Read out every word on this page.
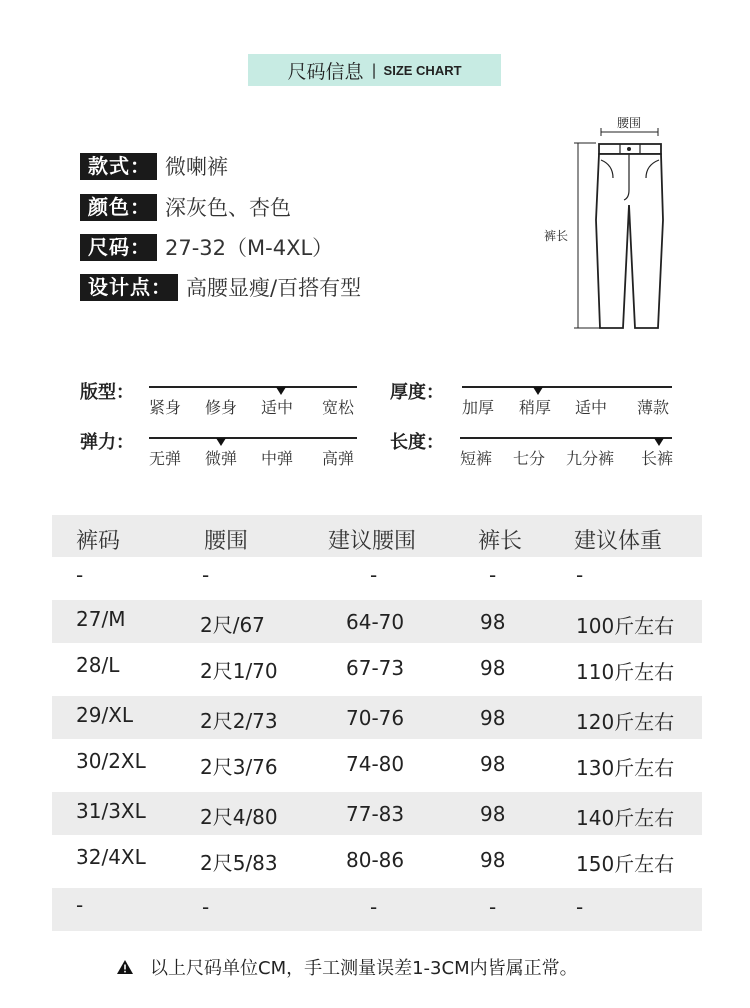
尺码信息 | SIZE CHART
款式： 微喇裤
颜色： 深灰色、杏色
尺码： 27-32（M-4XL）
设计点： 高腰显瘦/百搭有型
腰围
裤长
版型：
紧身 修身 适中 宽松
厚度：
加厚 稍厚 适中 薄款
弹力：
无弹 微弹 中弹 高弹
长度：
短裤 七分 九分裤 长裤
裤码	腰围	建议腰围	裤长 建议体重
-	-	-	-	-
27/M	2尺/67	64-70	98	100斤左右
28/L	2尺1/70	67-73	98	110斤左右
29/XL	2尺2/73	70-76	98	120斤左右
30/2XL	2尺3/76	74-80	98	130斤左右
31/3XL	2尺4/80	77-83	98	140斤左右
32/4XL	2尺5/83	80-86	98	150斤左右
-	-	-	-	-
以上尺码单位CM，手工测量误差1-3CM内皆属正常。
